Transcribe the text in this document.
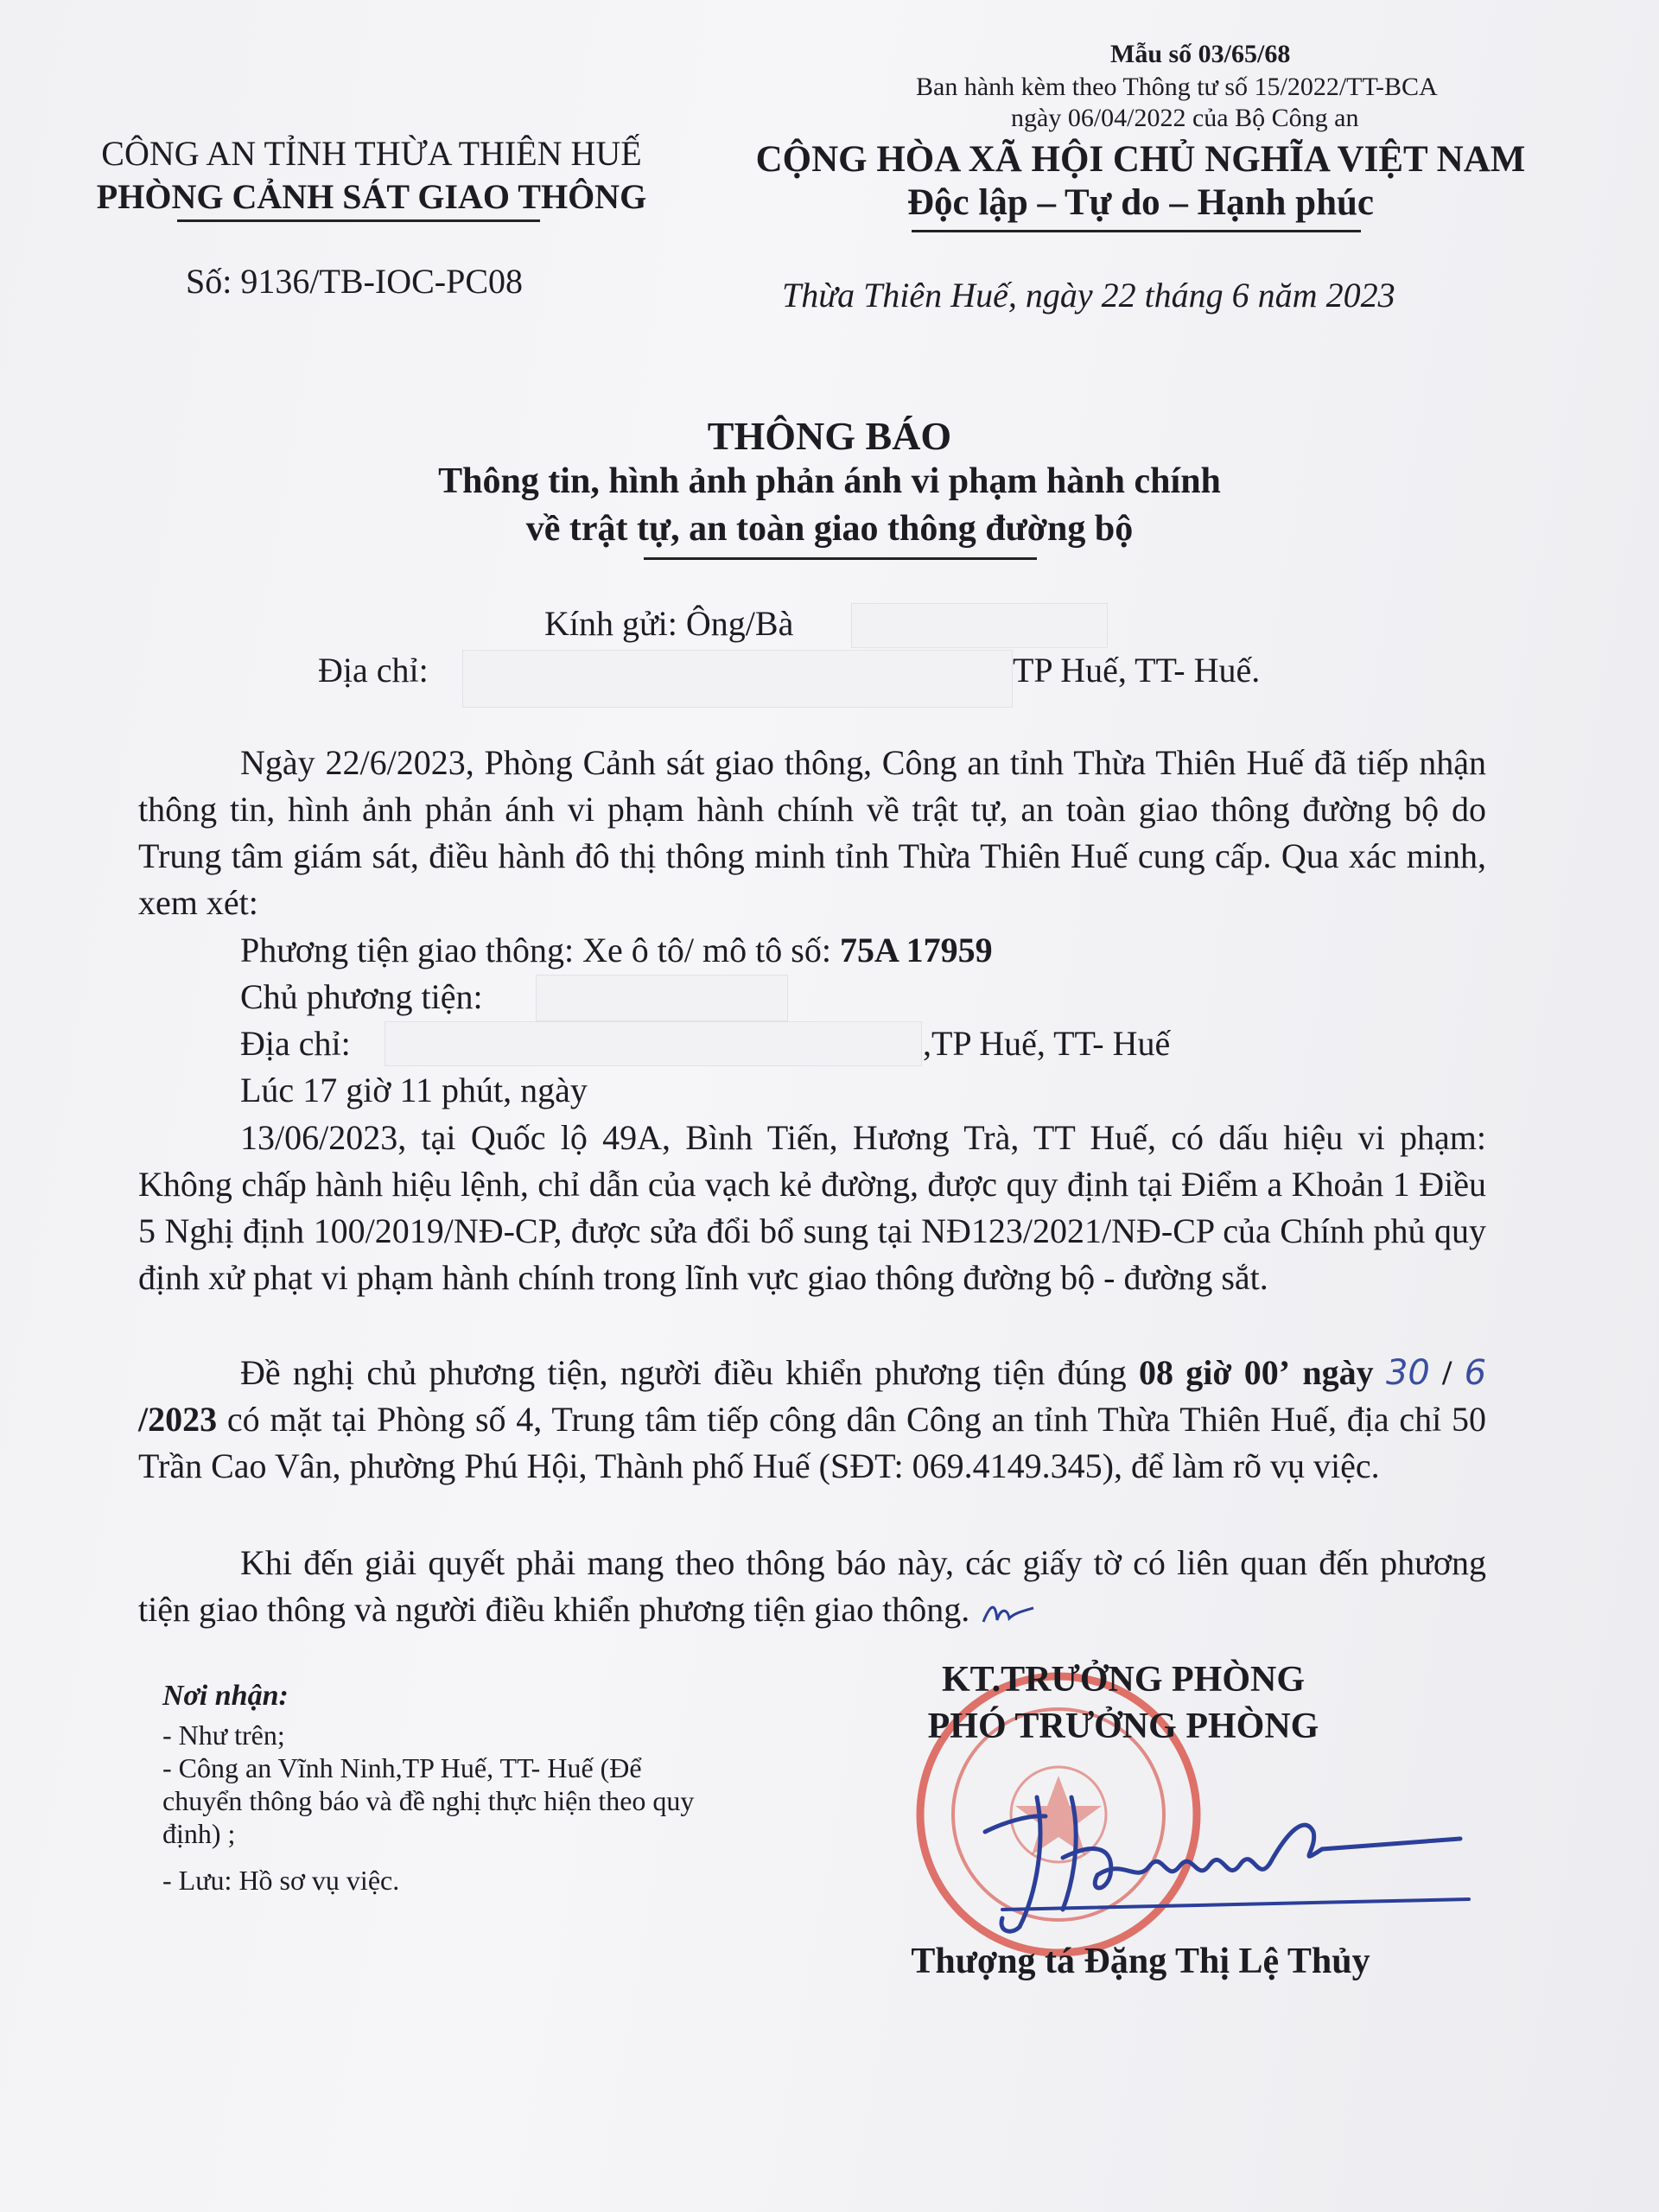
Mẫu số 03/65/68
Ban hành kèm theo Thông tư số 15/2022/TT-BCA
ngày 06/04/2022 của Bộ Công an
CÔNG AN TỈNH THỪA THIÊN HUẾ
PHÒNG CẢNH SÁT GIAO THÔNG
Số: 9136/TB-IOC-PC08
CỘNG HÒA XÃ HỘI CHỦ NGHĨA VIỆT NAM
Độc lập – Tự do – Hạnh phúc
Thừa Thiên Huế, ngày 22 tháng 6 năm 2023
THÔNG BÁO
Thông tin, hình ảnh phản ánh vi phạm hành chính
về trật tự, an toàn giao thông đường bộ
Kính gửi: Ông/Bà
Địa chỉ:	TP Huế, TT- Huế.
Ngày 22/6/2023, Phòng Cảnh sát giao thông, Công an tỉnh Thừa Thiên Huế đã tiếp nhận thông tin, hình ảnh phản ánh vi phạm hành chính về trật tự, an toàn giao thông đường bộ do Trung tâm giám sát, điều hành đô thị thông minh tỉnh Thừa Thiên Huế cung cấp. Qua xác minh, xem xét:
Phương tiện giao thông: Xe ô tô/ mô tô số: 75A 17959
Chủ phương tiện:
Địa chỉ:	,TP Huế, TT- Huế
Lúc 17 giờ 11 phút, ngày
13/06/2023, tại Quốc lộ 49A, Bình Tiến, Hương Trà, TT Huế, có dấu hiệu vi phạm: Không chấp hành hiệu lệnh, chỉ dẫn của vạch kẻ đường, được quy định tại Điểm a Khoản 1 Điều 5 Nghị định 100/2019/NĐ-CP, được sửa đổi bổ sung tại NĐ123/2021/NĐ-CP của Chính phủ quy định xử phạt vi phạm hành chính trong lĩnh vực giao thông đường bộ - đường sắt.
Đề nghị chủ phương tiện, người điều khiển phương tiện đúng 08 giờ 00’ ngày 30 / 6 /2023 có mặt tại Phòng số 4, Trung tâm tiếp công dân Công an tỉnh Thừa Thiên Huế, địa chỉ 50 Trần Cao Vân, phường Phú Hội, Thành phố Huế (SĐT: 069.4149.345), để làm rõ vụ việc.
Khi đến giải quyết phải mang theo thông báo này, các giấy tờ có liên quan đến phương tiện giao thông và người điều khiển phương tiện giao thông.
Nơi nhận:
- Như trên;
- Công an Vĩnh Ninh,TP Huế, TT- Huế (Để
chuyển thông báo và đề nghị thực hiện theo quy
định) ;
- Lưu: Hồ sơ vụ việc.
KT.TRƯỞNG PHÒNG
PHÓ TRƯỞNG PHÒNG
Thượng tá Đặng Thị Lệ Thủy
